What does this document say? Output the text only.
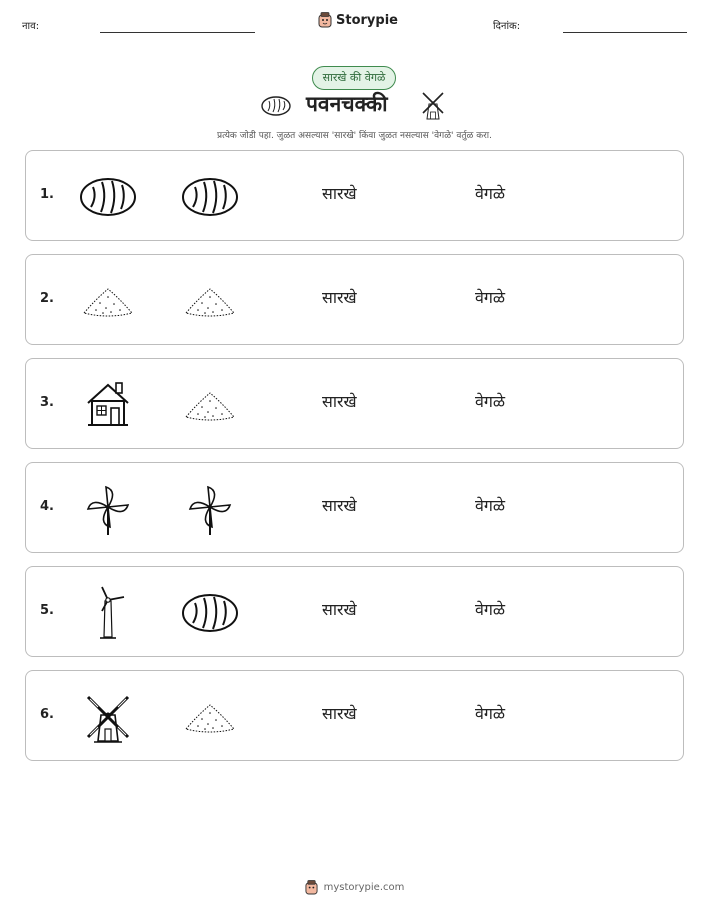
नाव:	Storypie	दिनांक:
सारखे की वेगळे
पवनचक्की
प्रत्येक जोडी पहा. जुळत असल्यास 'सारखे' किंवा जुळत नसल्यास 'वेगळे' वर्तुळ करा.
1.	सारखे	वेगळे
2.	सारखे	वेगळे
3.	सारखे	वेगळे
4.	सारखे	वेगळे
5.	सारखे	वेगळे
6.	सारखे	वेगळे
mystorypie.com
